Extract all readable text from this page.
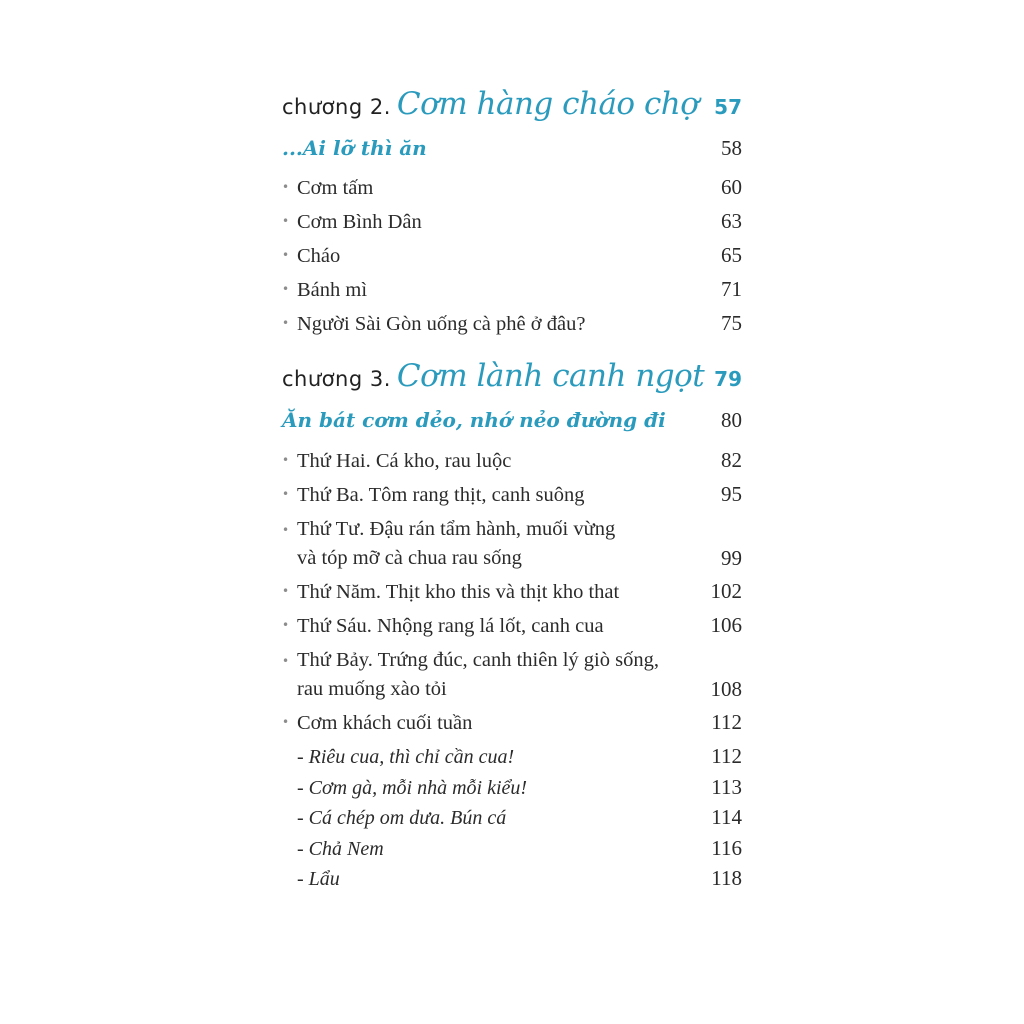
chương 2. Cơm hàng cháo chợ 57
...Ai lỡ thì ăn	58
• Cơm tấm	60
• Cơm Bình Dân	63
• Cháo	65
• Bánh mì	71
• Người Sài Gòn uống cà phê ở đâu?	75
chương 3. Cơm lành canh ngọt 79
Ăn bát cơm dẻo, nhớ nẻo đường đi	80
• Thứ Hai. Cá kho, rau luộc	82
• Thứ Ba. Tôm rang thịt, canh suông	95
• Thứ Tư. Đậu rán tẩm hành, muối vừng
và tóp mỡ cà chua rau sống	99
• Thứ Năm. Thịt kho this và thịt kho that	102
• Thứ Sáu. Nhộng rang lá lốt, canh cua	106
• Thứ Bảy. Trứng đúc, canh thiên lý giò sống,
rau muống xào tỏi	108
• Cơm khách cuối tuần	112
- Riêu cua, thì chỉ cần cua!	112
- Cơm gà, mỗi nhà mỗi kiểu!	113
- Cá chép om dưa. Bún cá	114
- Chả Nem	116
- Lẩu	118
